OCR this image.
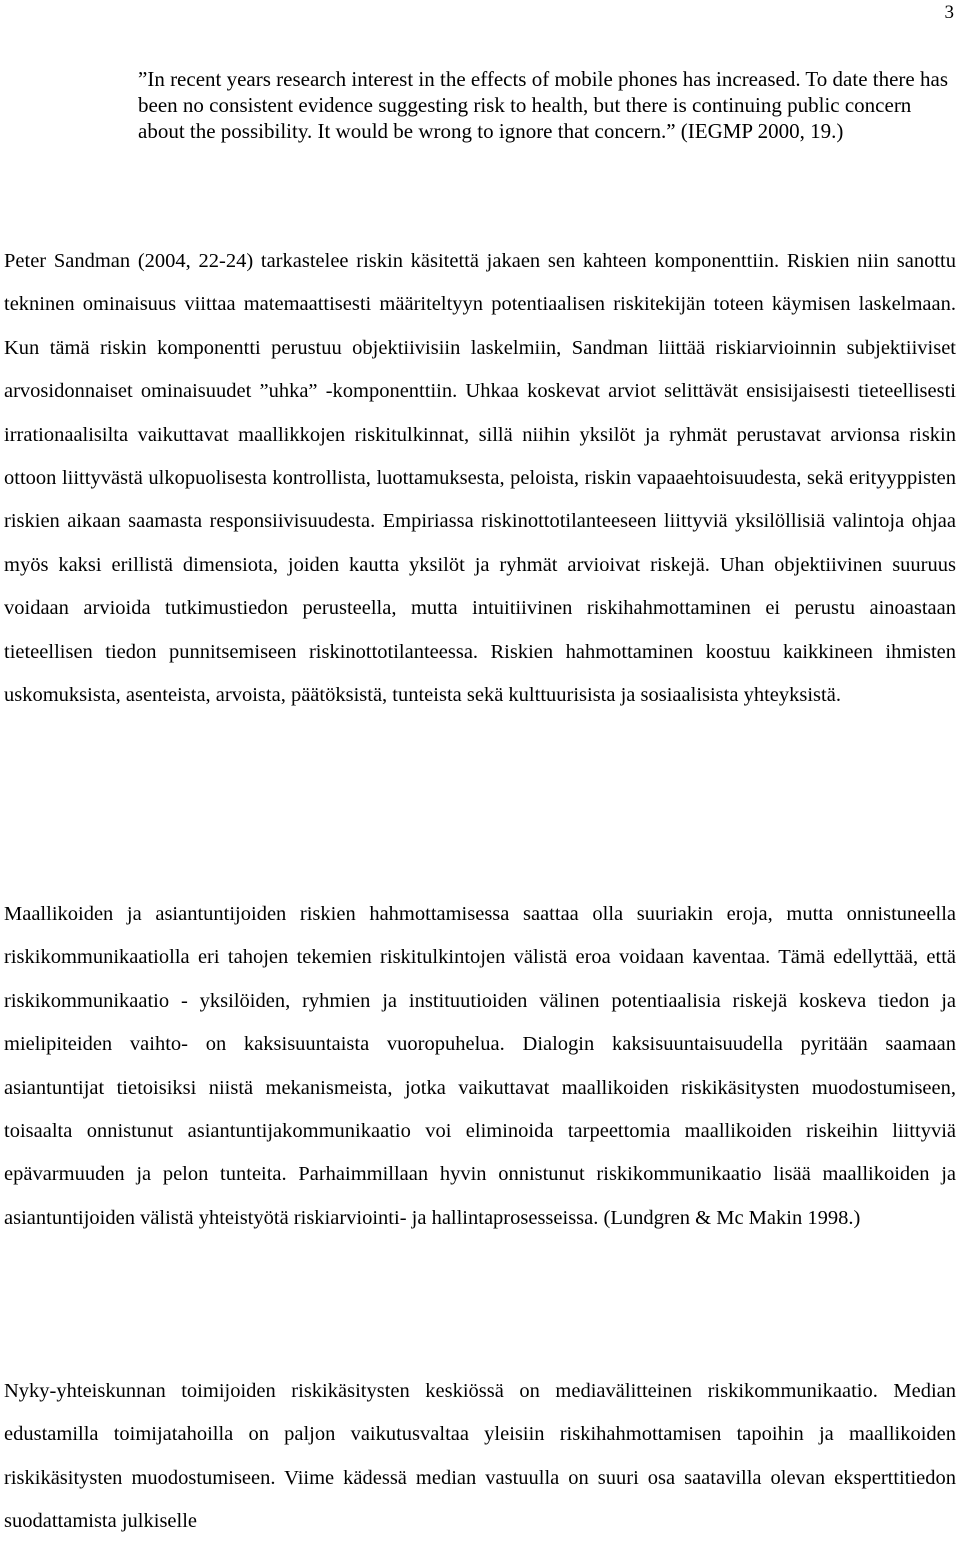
3

”In recent years research interest in the effects of mobile phones has increased. To date there has been no consistent evidence suggesting risk to health, but there is continuing public concern about the possibility. It would be wrong to ignore that concern.” (IEGMP 2000, 19.)

Peter Sandman (2004, 22-24) tarkastelee riskin käsitettä jakaen sen kahteen komponenttiin. Riskien niin sanottu tekninen ominaisuus viittaa matemaattisesti määriteltyyn potentiaalisen riskitekijän toteen käymisen laskelmaan. Kun tämä riskin komponentti perustuu objektiivisiin laskelmiin, Sandman liittää riskiarvioinnin subjektiiviset arvosidonnaiset ominaisuudet ”uhka” -komponenttiin. Uhkaa koskevat arviot selittävät ensisijaisesti tieteellisesti irrationaalisilta vaikuttavat maallikkojen riskitulkinnat, sillä niihin yksilöt ja ryhmät perustavat arvionsa riskin ottoon liittyvästä ulkopuolisesta kontrollista, luottamuksesta, peloista, riskin vapaaehtoisuudesta, sekä erityyppisten riskien aikaan saamasta responsiivisuudesta. Empiriassa riskinottotilanteeseen liittyviä yksilöllisiä valintoja ohjaa myös kaksi erillistä dimensiota, joiden kautta yksilöt ja ryhmät arvioivat riskejä. Uhan objektiivinen suuruus voidaan arvioida tutkimustiedon perusteella, mutta intuitiivinen riskihahmottaminen ei perustu ainoastaan tieteellisen tiedon punnitsemiseen riskinottotilanteessa. Riskien hahmottaminen koostuu kaikkineen ihmisten uskomuksista, asenteista, arvoista, päätöksistä, tunteista sekä kulttuurisista ja sosiaalisista yhteyksistä.

Maallikoiden ja asiantuntijoiden riskien hahmottamisessa saattaa olla suuriakin eroja, mutta onnistuneella riskikommunikaatiolla eri tahojen tekemien riskitulkintojen välistä eroa voidaan kaventaa. Tämä edellyttää, että riskikommunikaatio - yksilöiden, ryhmien ja instituutioiden välinen potentiaalisia riskejä koskeva tiedon ja mielipiteiden vaihto- on kaksisuuntaista vuoropuhelua. Dialogin kaksisuuntaisuudella pyritään saamaan asiantuntijat tietoisiksi niistä mekanismeista, jotka vaikuttavat maallikoiden riskikäsitysten muodostumiseen, toisaalta onnistunut asiantuntijakommunikaatio voi eliminoida tarpeettomia maallikoiden riskeihin liittyviä epävarmuuden ja pelon tunteita. Parhaimmillaan hyvin onnistunut riskikommunikaatio lisää maallikoiden ja asiantuntijoiden välistä yhteistyötä riskiarviointi- ja hallintaprosesseissa. (Lundgren & Mc Makin 1998.)

Nyky-yhteiskunnan toimijoiden riskikäsitysten keskiössä on mediavälitteinen riskikommunikaatio. Median edustamilla toimijatahoilla on paljon vaikutusvaltaa yleisiin riskihahmottamisen tapoihin ja maallikoiden riskikäsitysten muodostumiseen. Viime kädessä median vastuulla on suuri osa saatavilla olevan eksperttitiedon suodattamista julkiselle
